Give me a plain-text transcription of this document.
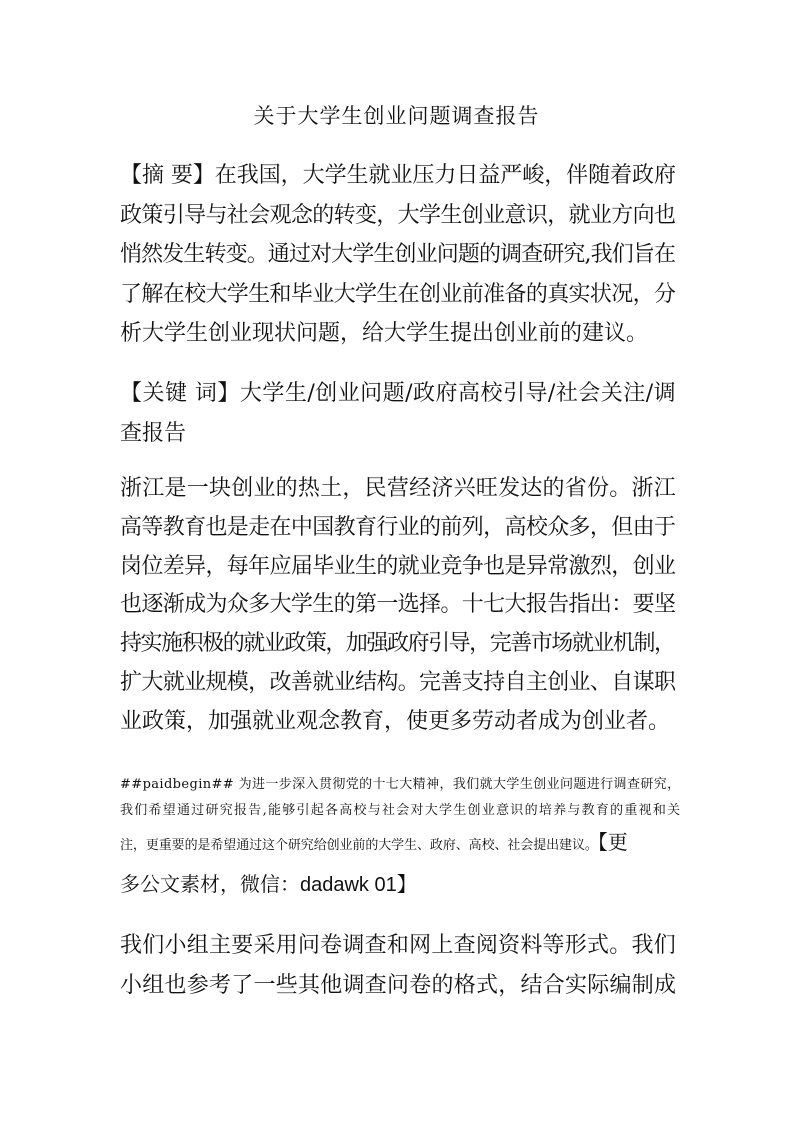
关于大学生创业问题调查报告
【摘 要】在我国，大学生就业压力日益严峻，伴随着政府
政策引导与社会观念的转变，大学生创业意识，就业方向也
悄然发生转变。通过对大学生创业问题的调查研究,我们旨在
了解在校大学生和毕业大学生在创业前准备的真实状况，分
析大学生创业现状问题，给大学生提出创业前的建议。
【关键 词】大学生/创业问题/政府高校引导/社会关注/调
查报告
浙江是一块创业的热土，民营经济兴旺发达的省份。浙江
高等教育也是走在中国教育行业的前列，高校众多，但由于
岗位差异，每年应届毕业生的就业竞争也是异常激烈，创业
也逐渐成为众多大学生的第一选择。十七大报告指出：要坚
持实施积极的就业政策，加强政府引导，完善市场就业机制，
扩大就业规模，改善就业结构。完善支持自主创业、自谋职
业政策，加强就业观念教育，使更多劳动者成为创业者。
##paidbegin## 为进一步深入贯彻党的十七大精神，我们就大学生创业问题进行调查研究，
我们希望通过研究报告,能够引起各高校与社会对大学生创业意识的培养与教育的重视和关
注，更重要的是希望通过这个研究给创业前的大学生、政府、高校、社会提出建议。【更
多公文素材，微信：dadawk 01】
我们小组主要采用问卷调查和网上查阅资料等形式。我们
小组也参考了一些其他调查问卷的格式，结合实际编制成
